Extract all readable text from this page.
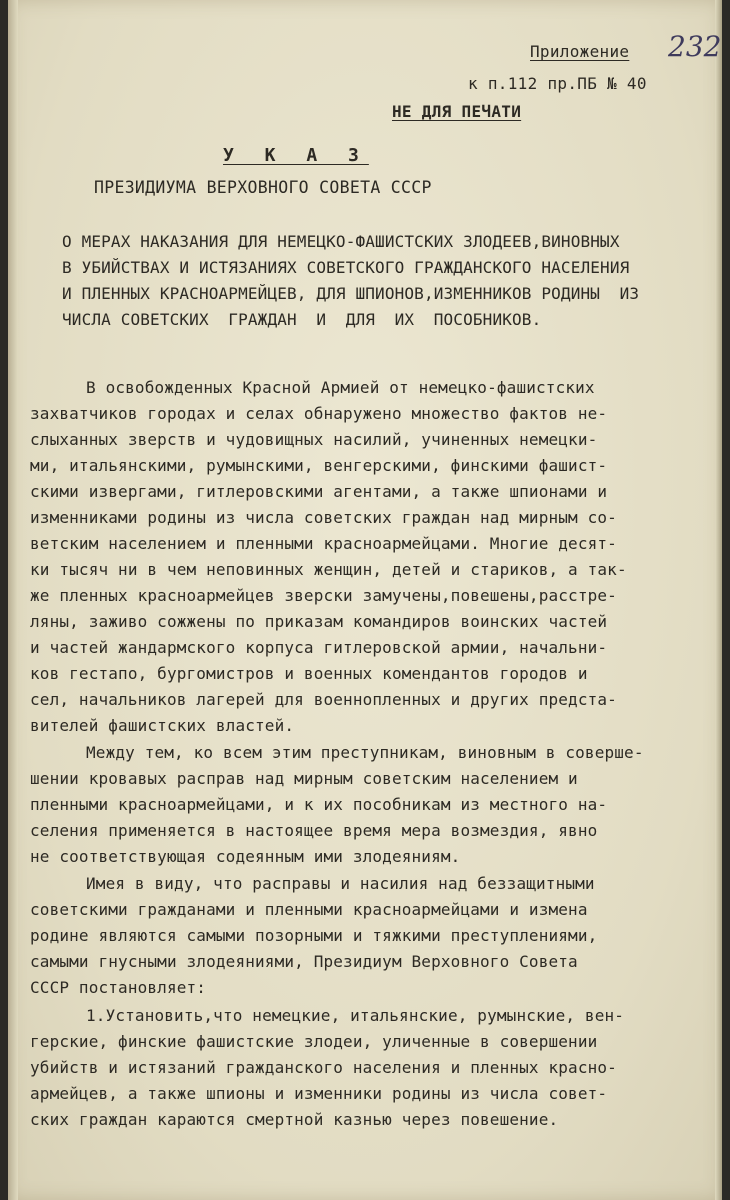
Приложение 232
к п.112 пр.ПБ № 40
НЕ ДЛЯ ПЕЧАТИ
У К А З
ПРЕЗИДИУМА ВЕРХОВНОГО СОВЕТА СССР
О МЕРАХ НАКАЗАНИЯ ДЛЯ НЕМЕЦКО-ФАШИСТСКИХ ЗЛОДЕЕВ,ВИНОВНЫХ
В УБИЙСТВАХ И ИСТЯЗАНИЯХ СОВЕТСКОГО ГРАЖДАНСКОГО НАСЕЛЕНИЯ
И ПЛЕННЫХ КРАСНОАРМЕЙЦЕВ, ДЛЯ ШПИОНОВ,ИЗМЕННИКОВ РОДИНЫ  ИЗ
ЧИСЛА СОВЕТСКИХ  ГРАЖДАН  И  ДЛЯ  ИХ  ПОСОБНИКОВ.
В освобожденных Красной Армией от немецко-фашистских
захватчиков городах и селах обнаружено множество фактов не-
слыханных зверств и чудовищных насилий, учиненных немецки-
ми, итальянскими, румынскими, венгерскими, финскими фашист-
скими извергами, гитлеровскими агентами, а также шпионами и
изменниками родины из числа советских граждан над мирным со-
ветским населением и пленными красноармейцами. Многие десят-
ки тысяч ни в чем неповинных женщин, детей и стариков, а так-
же пленных красноармейцев зверски замучены,повешены,расстре-
ляны, заживо сожжены по приказам командиров воинских частей
и частей жандармского корпуса гитлеровской армии, начальни-
ков гестапо, бургомистров и военных комендантов городов и
сел, начальников лагерей для военнопленных и других предста-
вителей фашистских властей.
Между тем, ко всем этим преступникам, виновным в соверше-
шении кровавых расправ над мирным советским населением и
пленными красноармейцами, и к их пособникам из местного на-
селения применяется в настоящее время мера возмездия, явно
не соответствующая содеянным ими злодеяниям.
Имея в виду, что расправы и насилия над беззащитными
советскими гражданами и пленными красноармейцами и измена
родине являются самыми позорными и тяжкими преступлениями,
самыми гнусными злодеяниями, Президиум Верховного Совета
СССР постановляет:
1.Установить,что немецкие, итальянские, румынские, вен-
герские, финские фашистские злодеи, уличенные в совершении
убийств и истязаний гражданского населения и пленных красно-
армейцев, а также шпионы и изменники родины из числа совет-
ских граждан караются смертной казнью через повешение.
